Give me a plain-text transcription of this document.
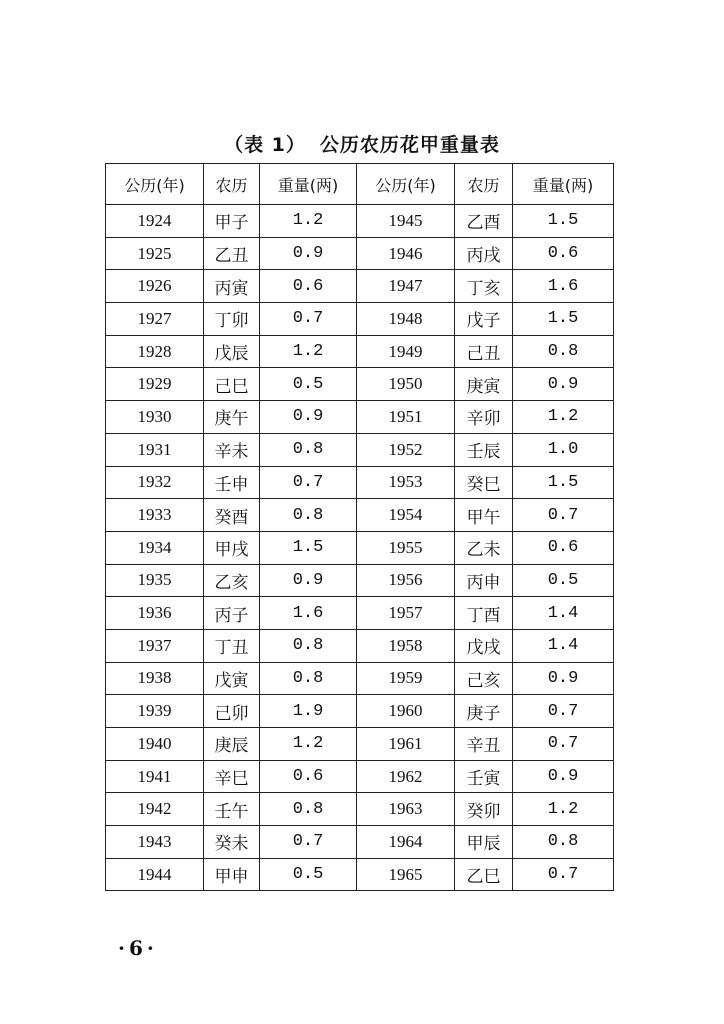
（表 1） 公历农历花甲重量表
公历(年)	农历	重量(两)	公历(年)	农历	重量(两)
1924	甲子	1.2	1945	乙酉	1.5
1925	乙丑	0.9	1946	丙戌	0.6
1926	丙寅	0.6	1947	丁亥	1.6
1927	丁卯	0.7	1948	戊子	1.5
1928	戊辰	1.2	1949	己丑	0.8
1929	己巳	0.5	1950	庚寅	0.9
1930	庚午	0.9	1951	辛卯	1.2
1931	辛未	0.8	1952	壬辰	1.0
1932	壬申	0.7	1953	癸巳	1.5
1933	癸酉	0.8	1954	甲午	0.7
1934	甲戌	1.5	1955	乙未	0.6
1935	乙亥	0.9	1956	丙申	0.5
1936	丙子	1.6	1957	丁酉	1.4
1937	丁丑	0.8	1958	戊戌	1.4
1938	戊寅	0.8	1959	己亥	0.9
1939	己卯	1.9	1960	庚子	0.7
1940	庚辰	1.2	1961	辛丑	0.7
1941	辛巳	0.6	1962	壬寅	0.9
1942	壬午	0.8	1963	癸卯	1.2
1943	癸未	0.7	1964	甲辰	0.8
1944	甲申	0.5	1965	乙巳	0.7
·6·
